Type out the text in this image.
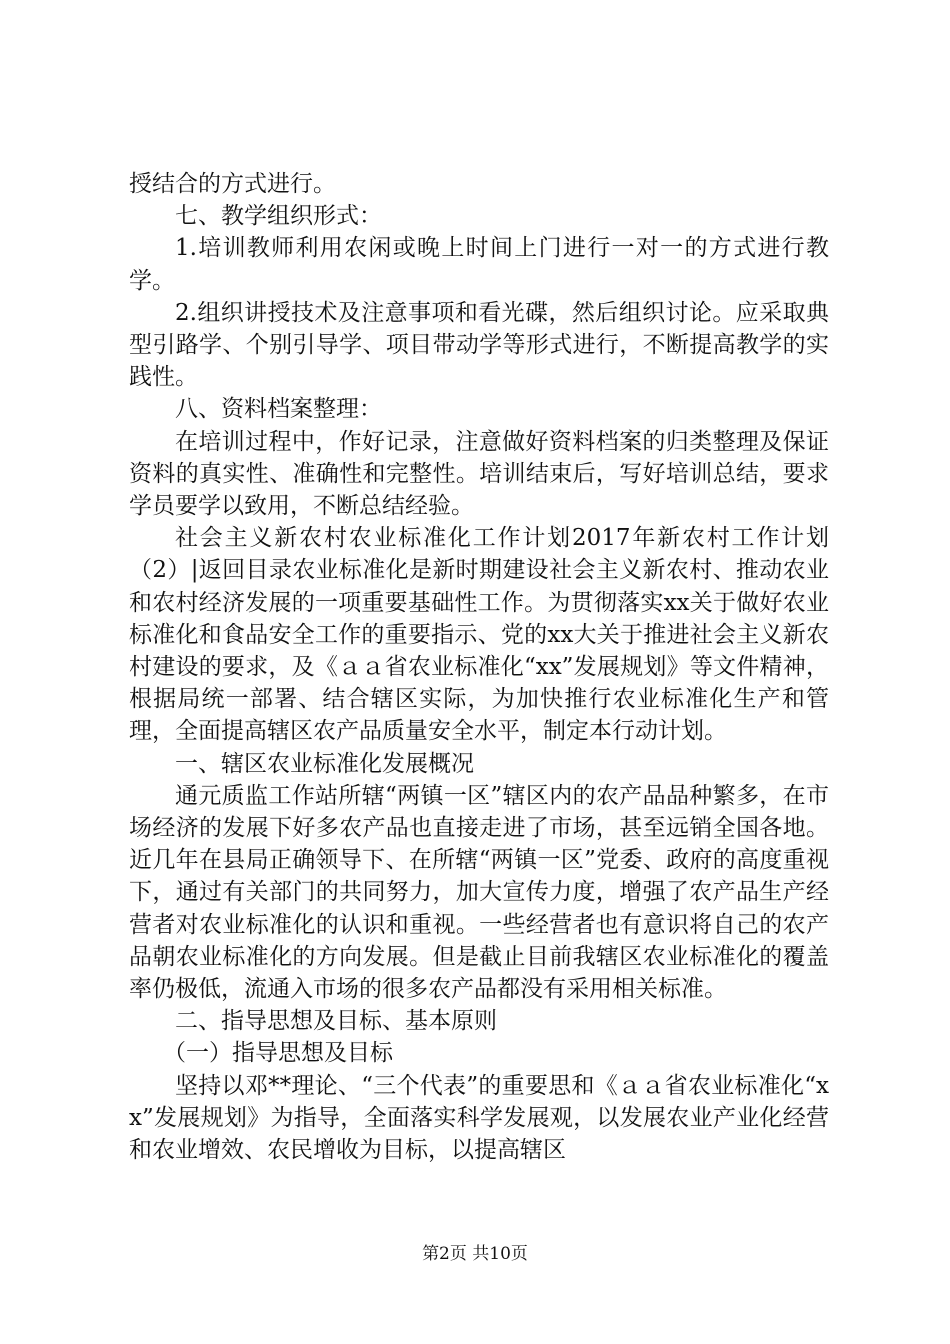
授结合的方式进行。

七、教学组织形式：

1.培训教师利用农闲或晚上时间上门进行一对一的方式进行教学。

2.组织讲授技术及注意事项和看光碟，然后组织讨论。应采取典型引路学、个别引导学、项目带动学等形式进行，不断提高教学的实践性。

八、资料档案整理：

在培训过程中，作好记录，注意做好资料档案的归类整理及保证资料的真实性、准确性和完整性。培训结束后，写好培训总结，要求学员要学以致用，不断总结经验。

社会主义新农村农业标准化工作计划2017年新农村工作计划（2）|返回目录农业标准化是新时期建设社会主义新农村、推动农业和农村经济发展的一项重要基础性工作。为贯彻落实xx关于做好农业标准化和食品安全工作的重要指示、党的xx大关于推进社会主义新农村建设的要求，及《ａａ省农业标准化“xx”发展规划》等文件精神，根据局统一部署、结合辖区实际，为加快推行农业标准化生产和管理，全面提高辖区农产品质量安全水平，制定本行动计划。

一、辖区农业标准化发展概况

通元质监工作站所辖“两镇一区”辖区内的农产品品种繁多，在市场经济的发展下好多农产品也直接走进了市场，甚至远销全国各地。近几年在县局正确领导下、在所辖“两镇一区”党委、政府的高度重视下，通过有关部门的共同努力，加大宣传力度，增强了农产品生产经营者对农业标准化的认识和重视。一些经营者也有意识将自己的农产品朝农业标准化的方向发展。但是截止目前我辖区农业标准化的覆盖率仍极低，流通入市场的很多农产品都没有采用相关标准。

二、指导思想及目标、基本原则

（一）指导思想及目标

坚持以邓**理论、“三个代表”的重要思和《ａａ省农业标准化“xx”发展规划》为指导，全面落实科学发展观，以发展农业产业化经营和农业增效、农民增收为目标，以提高辖区

第2页 共10页
